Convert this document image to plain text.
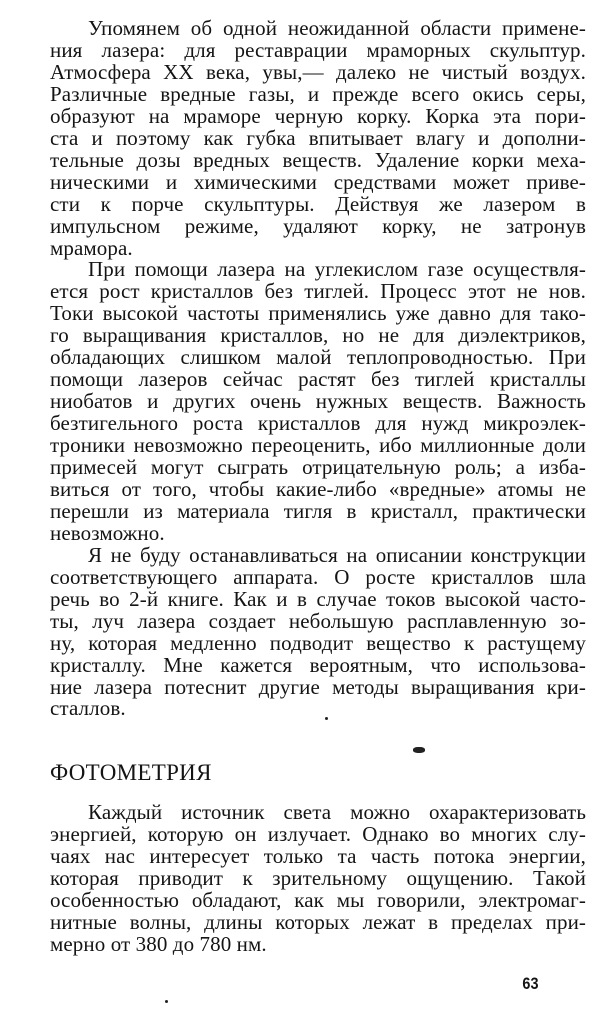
Упомянем об одной неожиданной области примене-
ния лазера: для реставрации мраморных скульптур.
Атмосфера XX века, увы,— далеко не чистый воздух.
Различные вредные газы, и прежде всего окись серы,
образуют на мраморе черную корку. Корка эта пори-
ста и поэтому как губка впитывает влагу и дополни-
тельные дозы вредных веществ. Удаление корки меха-
ническими и химическими средствами может приве-
сти к порче скульптуры. Действуя же лазером в
импульсном режиме, удаляют корку, не затронув
мрамора.
При помощи лазера на углекислом газе осуществля-
ется рост кристаллов без тиглей. Процесс этот не нов.
Токи высокой частоты применялись уже давно для тако-
го выращивания кристаллов, но не для диэлектриков,
обладающих слишком малой теплопроводностью. При
помощи лазеров сейчас растят без тиглей кристаллы
ниобатов и других очень нужных веществ. Важность
безтигельного роста кристаллов для нужд микроэлек-
троники невозможно переоценить, ибо миллионные доли
примесей могут сыграть отрицательную роль; а изба-
виться от того, чтобы какие-либо «вредные» атомы не
перешли из материала тигля в кристалл, практически
невозможно.
Я не буду останавливаться на описании конструкции
соответствующего аппарата. О росте кристаллов шла
речь во 2-й книге. Как и в случае токов высокой часто-
ты, луч лазера создает небольшую расплавленную зо-
ну, которая медленно подводит вещество к растущему
кристаллу. Мне кажется вероятным, что использова-
ние лазера потеснит другие методы выращивания кри-
сталлов.
ФОТОМЕТРИЯ
Каждый источник света можно охарактеризовать
энергией, которую он излучает. Однако во многих слу-
чаях нас интересует только та часть потока энергии,
которая приводит к зрительному ощущению. Такой
особенностью обладают, как мы говорили, электромаг-
нитные волны, длины которых лежат в пределах при-
мерно от 380 до 780 нм.
63
